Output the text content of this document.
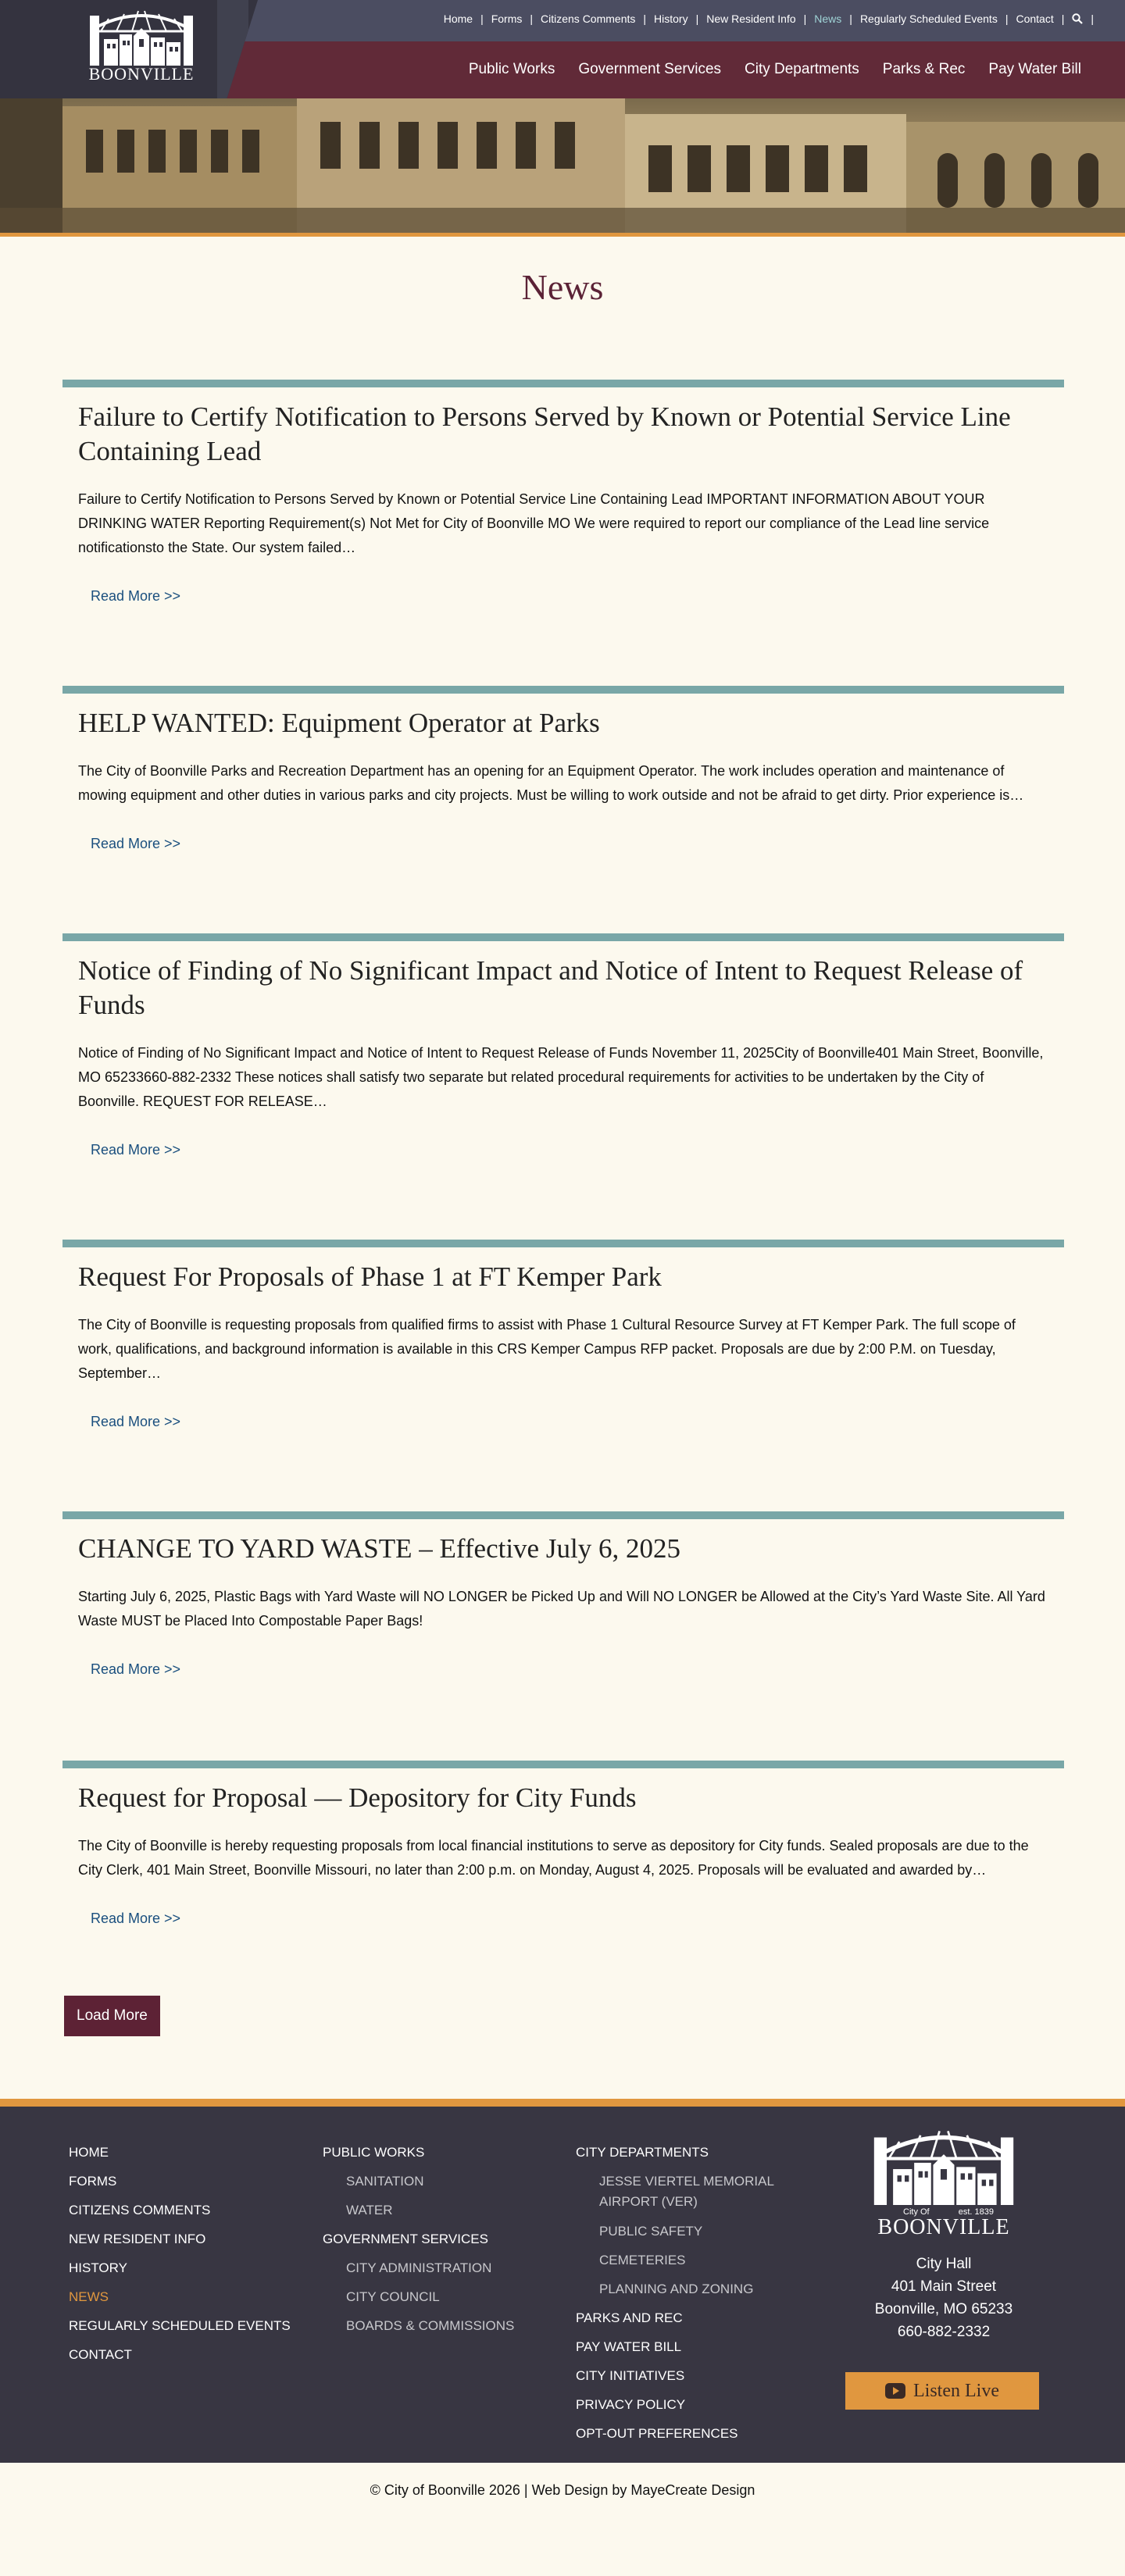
BOONVILLE
Home | Forms | Citizens Comments | History | New Resident Info | News | Regularly Scheduled Events | Contact | |
Public Works Government Services City Departments Parks & Rec Pay Water Bill
News
Failure to Certify Notification to Persons Served by Known or Potential Service Line Containing Lead

Failure to Certify Notification to Persons Served by Known or Potential Service Line Containing Lead IMPORTANT INFORMATION ABOUT YOUR DRINKING WATER Reporting Requirement(s) Not Met for City of Boonville MO We were required to report our compliance of the Lead line service notificationsto the State. Our system failed…

Read More >>
HELP WANTED: Equipment Operator at Parks

The City of Boonville Parks and Recreation Department has an opening for an Equipment Operator. The work includes operation and maintenance of mowing equipment and other duties in various parks and city projects. Must be willing to work outside and not be afraid to get dirty. Prior experience is…

Read More >>
Notice of Finding of No Significant Impact and Notice of Intent to Request Release of Funds

Notice of Finding of No Significant Impact and Notice of Intent to Request Release of Funds November 11, 2025City of Boonville401 Main Street, Boonville, MO 65233660-882-2332 These notices shall satisfy two separate but related procedural requirements for activities to be undertaken by the City of Boonville. REQUEST FOR RELEASE…

Read More >>
Request For Proposals of Phase 1 at FT Kemper Park

The City of Boonville is requesting proposals from qualified firms to assist with Phase 1 Cultural Resource Survey at FT Kemper Park. The full scope of work, qualifications, and background information is available in this CRS Kemper Campus RFP packet. Proposals are due by 2:00 P.M. on Tuesday, September…

Read More >>
CHANGE TO YARD WASTE – Effective July 6, 2025

Starting July 6, 2025, Plastic Bags with Yard Waste will NO LONGER be Picked Up and Will NO LONGER be Allowed at the City’s Yard Waste Site. All Yard Waste MUST be Placed Into Compostable Paper Bags!

Read More >>
Request for Proposal — Depository for City Funds

The City of Boonville is hereby requesting proposals from local financial institutions to serve as depository for City funds. Sealed proposals are due to the City Clerk, 401 Main Street, Boonville Missouri, no later than 2:00 p.m. on Monday, August 4, 2025. Proposals will be evaluated and awarded by…

Read More >>
Load More
HOME
FORMS
CITIZENS COMMENTS
NEW RESIDENT INFO
HISTORY
NEWS
REGULARLY SCHEDULED EVENTS
CONTACT
PUBLIC WORKS
SANITATION
WATER
GOVERNMENT SERVICES
CITY ADMINISTRATION
CITY COUNCIL
BOARDS & COMMISSIONS
CITY DEPARTMENTS
JESSE VIERTEL MEMORIAL AIRPORT (VER)
PUBLIC SAFETY
CEMETERIES
PLANNING AND ZONING
PARKS AND REC
PAY WATER BILL
CITY INITIATIVES
PRIVACY POLICY
OPT-OUT PREFERENCES
City Of	est. 1839
BOONVILLE
City Hall
401 Main Street
Boonville, MO 65233
660-882-2332
Listen Live
© City of Boonville 2026 | Web Design by MayeCreate Design
